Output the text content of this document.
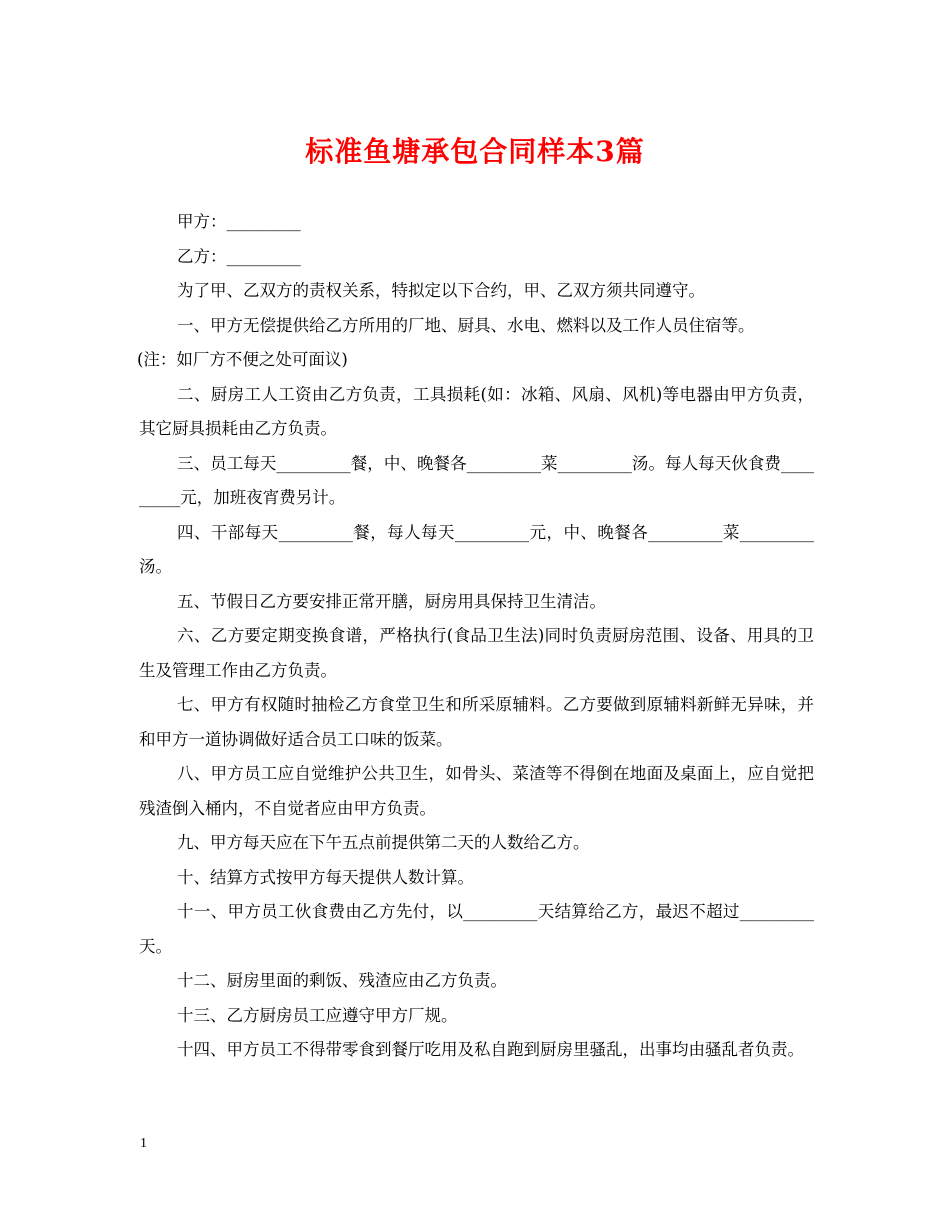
标准鱼塘承包合同样本3篇

甲方：_________

乙方：_________

为了甲、乙双方的责权关系，特拟定以下合约，甲、乙双方须共同遵守。

一、甲方无偿提供给乙方所用的厂地、厨具、水电、燃料以及工作人员住宿等。

(注：如厂方不便之处可面议)

二、厨房工人工资由乙方负责，工具损耗(如：冰箱、风扇、风机)等电器由甲方负责，其它厨具损耗由乙方负责。

三、员工每天_________餐，中、晚餐各_________菜_________汤。每人每天伙食费_________元，加班夜宵费另计。

四、干部每天_________餐，每人每天_________元，中、晚餐各_________菜_________汤。

五、节假日乙方要安排正常开膳，厨房用具保持卫生清洁。

六、乙方要定期变换食谱，严格执行(食品卫生法)同时负责厨房范围、设备、用具的卫生及管理工作由乙方负责。

七、甲方有权随时抽检乙方食堂卫生和所采原辅料。乙方要做到原辅料新鲜无异味，并和甲方一道协调做好适合员工口味的饭菜。

八、甲方员工应自觉维护公共卫生，如骨头、菜渣等不得倒在地面及桌面上，应自觉把残渣倒入桶内，不自觉者应由甲方负责。

九、甲方每天应在下午五点前提供第二天的人数给乙方。

十、结算方式按甲方每天提供人数计算。

十一、甲方员工伙食费由乙方先付，以_________天结算给乙方，最迟不超过_________天。

十二、厨房里面的剩饭、残渣应由乙方负责。

十三、乙方厨房员工应遵守甲方厂规。

十四、甲方员工不得带零食到餐厅吃用及私自跑到厨房里骚乱，出事均由骚乱者负责。

1
